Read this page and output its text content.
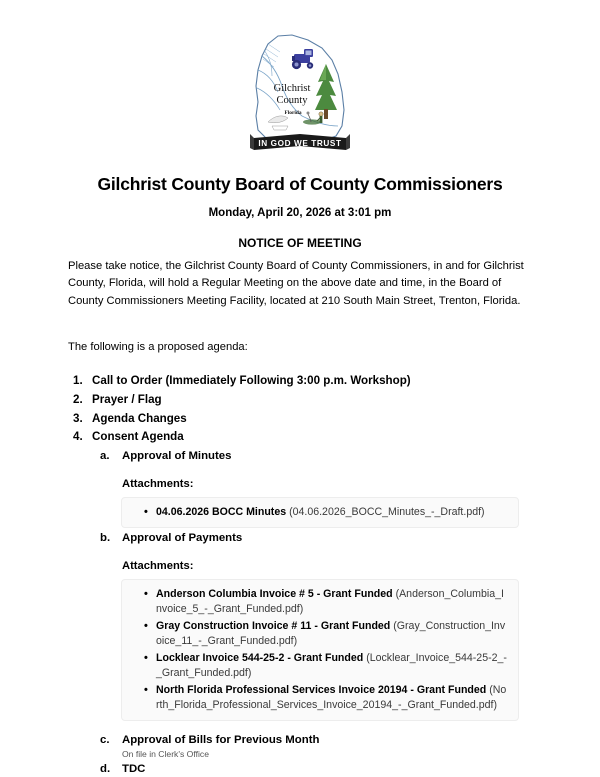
Gilchrist
County
Florida
IN GOD WE TRUST
Gilchrist County Board of County Commissioners
Monday, April 20, 2026 at 3:01 pm
NOTICE OF MEETING

Please take notice, the Gilchrist County Board of County Commissioners, in and for Gilchrist County, Florida, will hold a Regular Meeting on the above date and time, in the Board of County Commissioners Meeting Facility, located at 210 South Main Street, Trenton, Florida.

The following is a proposed agenda:

1. Call to Order (Immediately Following 3:00 p.m. Workshop)
2. Prayer / Flag
3. Agenda Changes
4. Consent Agenda
a. Approval of Minutes
Attachments:
• 04.06.2026 BOCC Minutes (04.06.2026_BOCC_Minutes_-_Draft.pdf)
b. Approval of Payments
Attachments:
• Anderson Columbia Invoice # 5 - Grant Funded (Anderson_Columbia_Invoice_5_-_Grant_Funded.pdf)
• Gray Construction Invoice # 11 - Grant Funded (Gray_Construction_Invoice_11_-_Grant_Funded.pdf)
• Locklear Invoice 544-25-2 - Grant Funded (Locklear_Invoice_544-25-2_-_Grant_Funded.pdf)
• North Florida Professional Services Invoice 20194 - Grant Funded (North_Florida_Professional_Services_Invoice_20194_-_Grant_Funded.pdf)
c. Approval of Bills for Previous Month
On file in Clerk's Office
d. TDC
